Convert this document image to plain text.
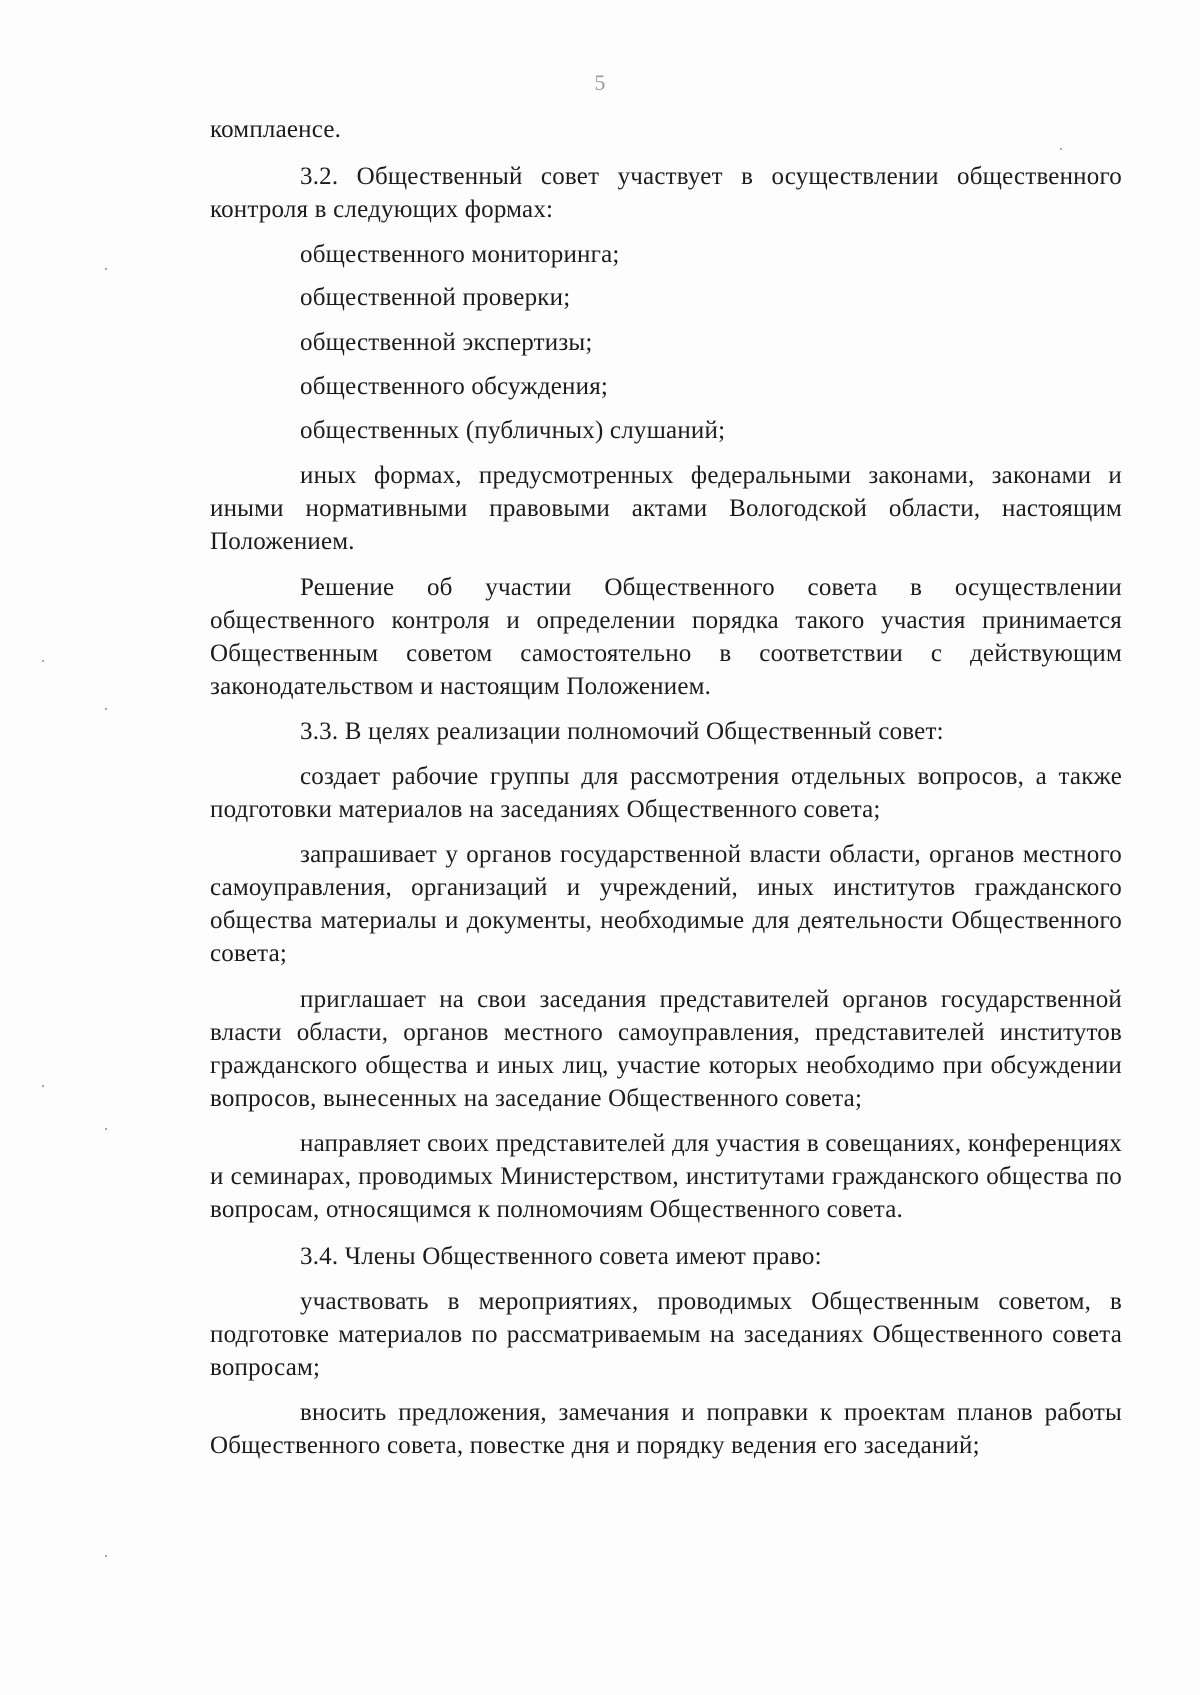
5

комплаенсе.

3.2. Общественный совет участвует в осуществлении общественного контроля в следующих формах:

общественного мониторинга;

общественной проверки;

общественной экспертизы;

общественного обсуждения;

общественных (публичных) слушаний;

иных формах, предусмотренных федеральными законами, законами и иными нормативными правовыми актами Вологодской области, настоящим Положением.

Решение об участии Общественного совета в осуществлении общественного контроля и определении порядка такого участия принимается Общественным советом самостоятельно в соответствии с действующим законодательством и настоящим Положением.

3.3. В целях реализации полномочий Общественный совет:

создает рабочие группы для рассмотрения отдельных вопросов, а также подготовки материалов на заседаниях Общественного совета;

запрашивает у органов государственной власти области, органов местного самоуправления, организаций и учреждений, иных институтов гражданского общества материалы и документы, необходимые для деятельности Общественного совета;

приглашает на свои заседания представителей органов государственной власти области, органов местного самоуправления, представителей институтов гражданского общества и иных лиц, участие которых необходимо при обсуждении вопросов, вынесенных на заседание Общественного совета;

направляет своих представителей для участия в совещаниях, конференциях и семинарах, проводимых Министерством, институтами гражданского общества по вопросам, относящимся к полномочиям Общественного совета.

3.4. Члены Общественного совета имеют право:

участвовать в мероприятиях, проводимых Общественным советом, в подготовке материалов по рассматриваемым на заседаниях Общественного совета вопросам;

вносить предложения, замечания и поправки к проектам планов работы Общественного совета, повестке дня и порядку ведения его заседаний;
